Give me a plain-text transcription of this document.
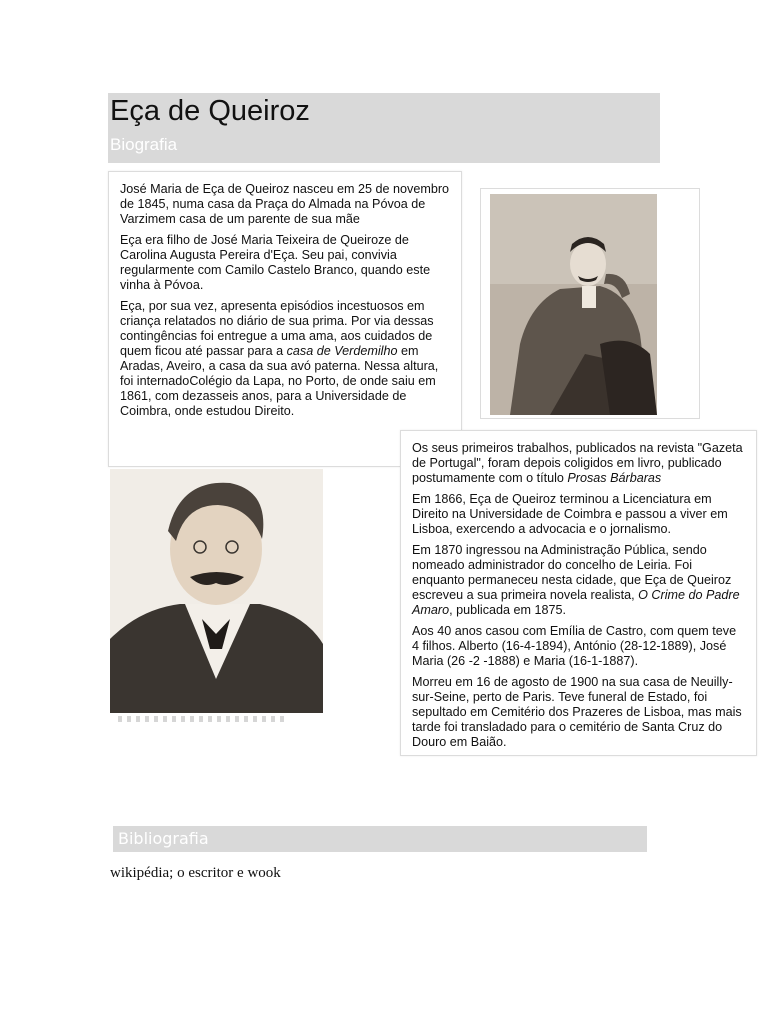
Eça de Queiroz
Biografia

José Maria de Eça de Queiroz nasceu em 25 de novembro de 1845, numa casa da Praça do Almada na Póvoa de Varzimem casa de um parente de sua mãe

Eça era filho de José Maria Teixeira de Queiroze de Carolina Augusta Pereira d'Eça. Seu pai, convivia regularmente com Camilo Castelo Branco, quando este vinha à Póvoa.

Eça, por sua vez, apresenta episódios incestuosos em criança relatados no diário de sua prima. Por via dessas contingências foi entregue a uma ama, aos cuidados de quem ficou até passar para a casa de Verdemilho em Aradas, Aveiro, a casa da sua avó paterna. Nessa altura, foi internadoColégio da Lapa, no Porto, de onde saiu em 1861, com dezasseis anos, para a Universidade de Coimbra, onde estudou Direito.

Os seus primeiros trabalhos, publicados na revista "Gazeta de Portugal", foram depois coligidos em livro, publicado postumamente com o título Prosas Bárbaras

Em 1866, Eça de Queiroz terminou a Licenciatura em Direito na Universidade de Coimbra e passou a viver em Lisboa, exercendo a advocacia e o jornalismo.

Em 1870 ingressou na Administração Pública, sendo nomeado administrador do concelho de Leiria. Foi enquanto permaneceu nesta cidade, que Eça de Queiroz escreveu a sua primeira novela realista, O Crime do Padre Amaro, publicada em 1875.

Aos 40 anos casou com Emília de Castro, com quem teve 4 filhos. Alberto (16-4-1894), António (28-12-1889), José Maria (26 -2 -1888) e Maria (16-1-1887).

Morreu em 16 de agosto de 1900 na sua casa de Neuilly-sur-Seine, perto de Paris. Teve funeral de Estado, foi sepultado em Cemitério dos Prazeres de Lisboa, mas mais tarde foi transladado para o cemitério de Santa Cruz do Douro em Baião.

Bibliografia
wikipédia; o escritor e wook
